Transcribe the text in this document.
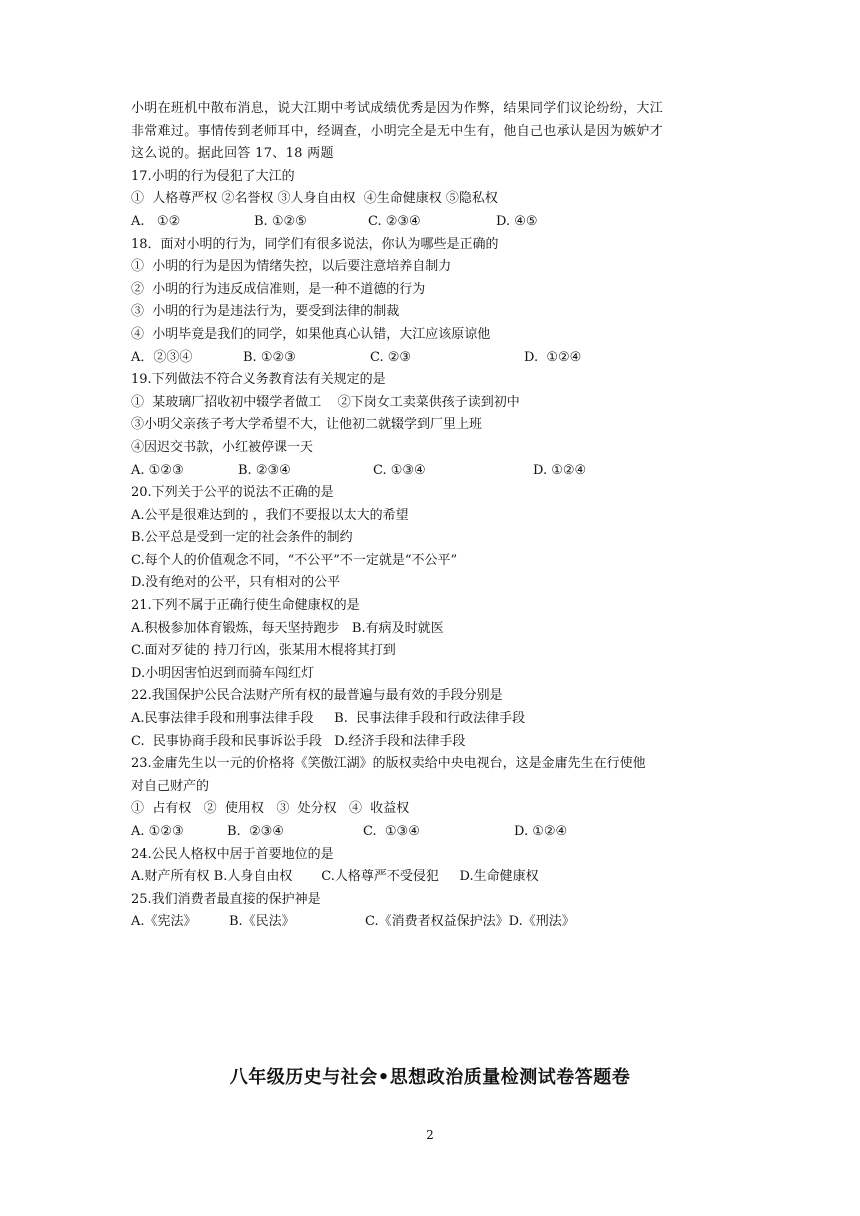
小明在班机中散布消息，说大江期中考试成绩优秀是因为作弊，结果同学们议论纷纷，大江
非常难过。事情传到老师耳中，经调查，小明完全是无中生有，他自己也承认是因为嫉妒才
这么说的。据此回答 17、18 两题
17.小明的行为侵犯了大江的
①  人格尊严权 ②名誉权 ③人身自由权  ④生命健康权 ⑤隐私权
A.   ①②	B. ①②⑤	C. ②③④	D. ④⑤
18．面对小明的行为，同学们有很多说法，你认为哪些是正确的
①  小明的行为是因为情绪失控，以后要注意培养自制力
②  小明的行为违反成信准则，是一种不道德的行为
③  小明的行为是违法行为，要受到法律的制裁
④  小明毕竟是我们的同学，如果他真心认错，大江应该原谅他
A．②③④	B. ①②③	C. ②③	D.  ①②④
19.下列做法不符合义务教育法有关规定的是
①  某玻璃厂招收初中辍学者做工    ②下岗女工卖菜供孩子读到初中
③小明父亲孩子考大学希望不大，让他初二就辍学到厂里上班
④因迟交书款，小红被停课一天
A. ①②③	B. ②③④	C. ①③④	D. ①②④
20.下列关于公平的说法不正确的是
A.公平是很难达到的 ，我们不要报以太大的希望
B.公平总是受到一定的社会条件的制约
C.每个人的价值观念不同，“不公平”不一定就是“不公平”
D.没有绝对的公平，只有相对的公平
21.下列不属于正确行使生命健康权的是
A.积极参加体育锻炼，每天坚持跑步   B.有病及时就医
C.面对歹徒的 持刀行凶，张某用木棍将其打到
D.小明因害怕迟到而骑车闯红灯
22.我国保护公民合法财产所有权的最普遍与最有效的手段分别是
A.民事法律手段和刑事法律手段     B.  民事法律手段和行政法律手段
C.  民事协商手段和民事诉讼手段   D.经济手段和法律手段
23.金庸先生以一元的价格将《笑傲江湖》的版权卖给中央电视台，这是金庸先生在行使他
对自己财产的
①  占有权   ②  使用权   ③  处分权   ④  收益权
A. ①②③	B.  ②③④	C.  ①③④	D. ①②④
24.公民人格权中居于首要地位的是
A.财产所有权 B.人身自由权       C.人格尊严不受侵犯     D.生命健康权
25.我们消费者最直接的保护神是
A.《宪法》	B.《民法》	C.《消费者权益保护法》D.《刑法》
八年级历史与社会•思想政治质量检测试卷答题卷
2
